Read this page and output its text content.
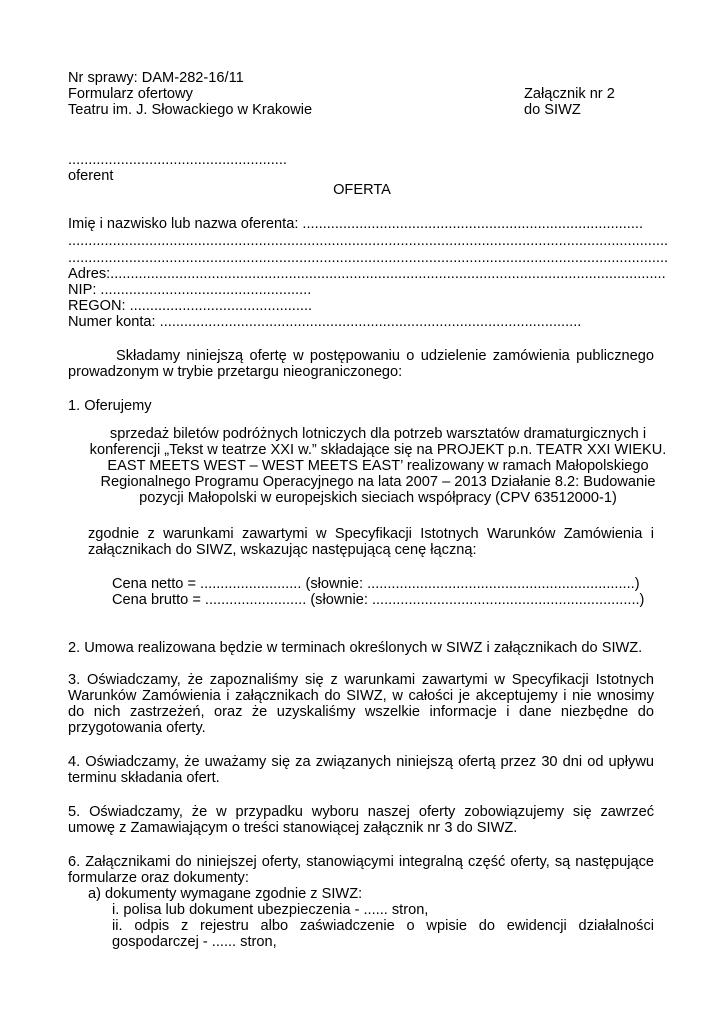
Nr sprawy: DAM-282-16/11
Formularz ofertowy
Teatru im. J. Słowackiego w Krakowie
Załącznik nr 2
do SIWZ
......................................................
oferent
OFERTA
Imię i nazwisko lub nazwa oferenta: ....................................................................................
....................................................................................................................................................
....................................................................................................................................................
Adres:.........................................................................................................................................
NIP: ....................................................
REGON: .............................................
Numer konta: ........................................................................................................
Składamy niniejszą ofertę w postępowaniu o udzielenie zamówienia publicznego
prowadzonym w trybie przetargu nieograniczonego:
1. Oferujemy
sprzedaż biletów podróżnych lotniczych dla potrzeb warsztatów dramaturgicznych i
konferencji „Tekst w teatrze XXI w.” składające się na PROJEKT p.n. TEATR XXI WIEKU.
EAST MEETS WEST – WEST MEETS EAST’ realizowany w ramach Małopolskiego
Regionalnego Programu Operacyjnego na lata 2007 – 2013 Działanie 8.2: Budowanie
pozycji Małopolski w europejskich sieciach współpracy (CPV 63512000-1)
zgodnie z warunkami zawartymi w Specyfikacji Istotnych Warunków Zamówienia i
załącznikach do SIWZ, wskazując następującą cenę łączną:
Cena netto = ......................... (słownie: ..................................................................)
Cena brutto = ......................... (słownie: ..................................................................)
2. Umowa realizowana będzie w terminach określonych w SIWZ i załącznikach do SIWZ.
3. Oświadczamy, że zapoznaliśmy się z warunkami zawartymi w Specyfikacji Istotnych
Warunków Zamówienia i załącznikach do SIWZ, w całości je akceptujemy i nie wnosimy
do nich zastrzeżeń, oraz że uzyskaliśmy wszelkie informacje i dane niezbędne do
przygotowania oferty.
4. Oświadczamy, że uważamy się za związanych niniejszą ofertą przez 30 dni od upływu
terminu składania ofert.
5. Oświadczamy, że w przypadku wyboru naszej oferty zobowiązujemy się zawrzeć
umowę z Zamawiającym o treści stanowiącej załącznik nr 3 do SIWZ.
6. Załącznikami do niniejszej oferty, stanowiącymi integralną część oferty, są następujące
formularze oraz dokumenty:
a) dokumenty wymagane zgodnie z SIWZ:
i. polisa lub dokument ubezpieczenia - ...... stron,
ii. odpis z rejestru albo zaświadczenie o wpisie do ewidencji działalności
gospodarczej - ...... stron,
